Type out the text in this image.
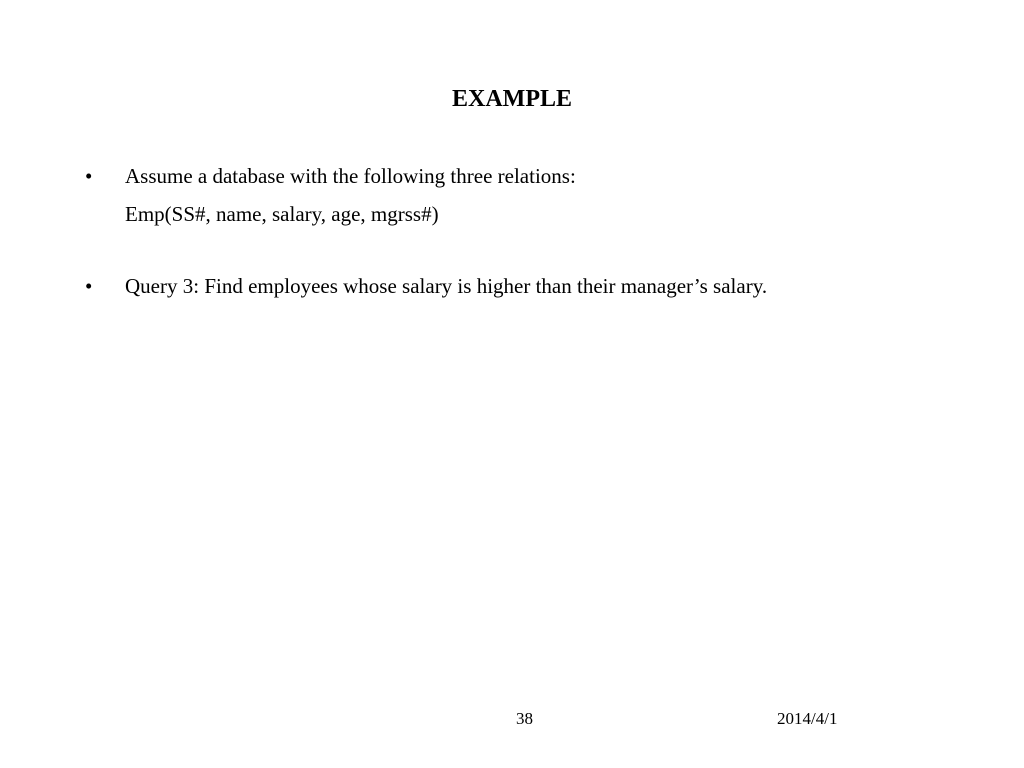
EXAMPLE
•	Assume a database with the following three relations:
Emp(SS#, name, salary, age, mgrss#)
•	Query 3: Find employees whose salary is higher than their manager’s salary.
38	2014/4/1
